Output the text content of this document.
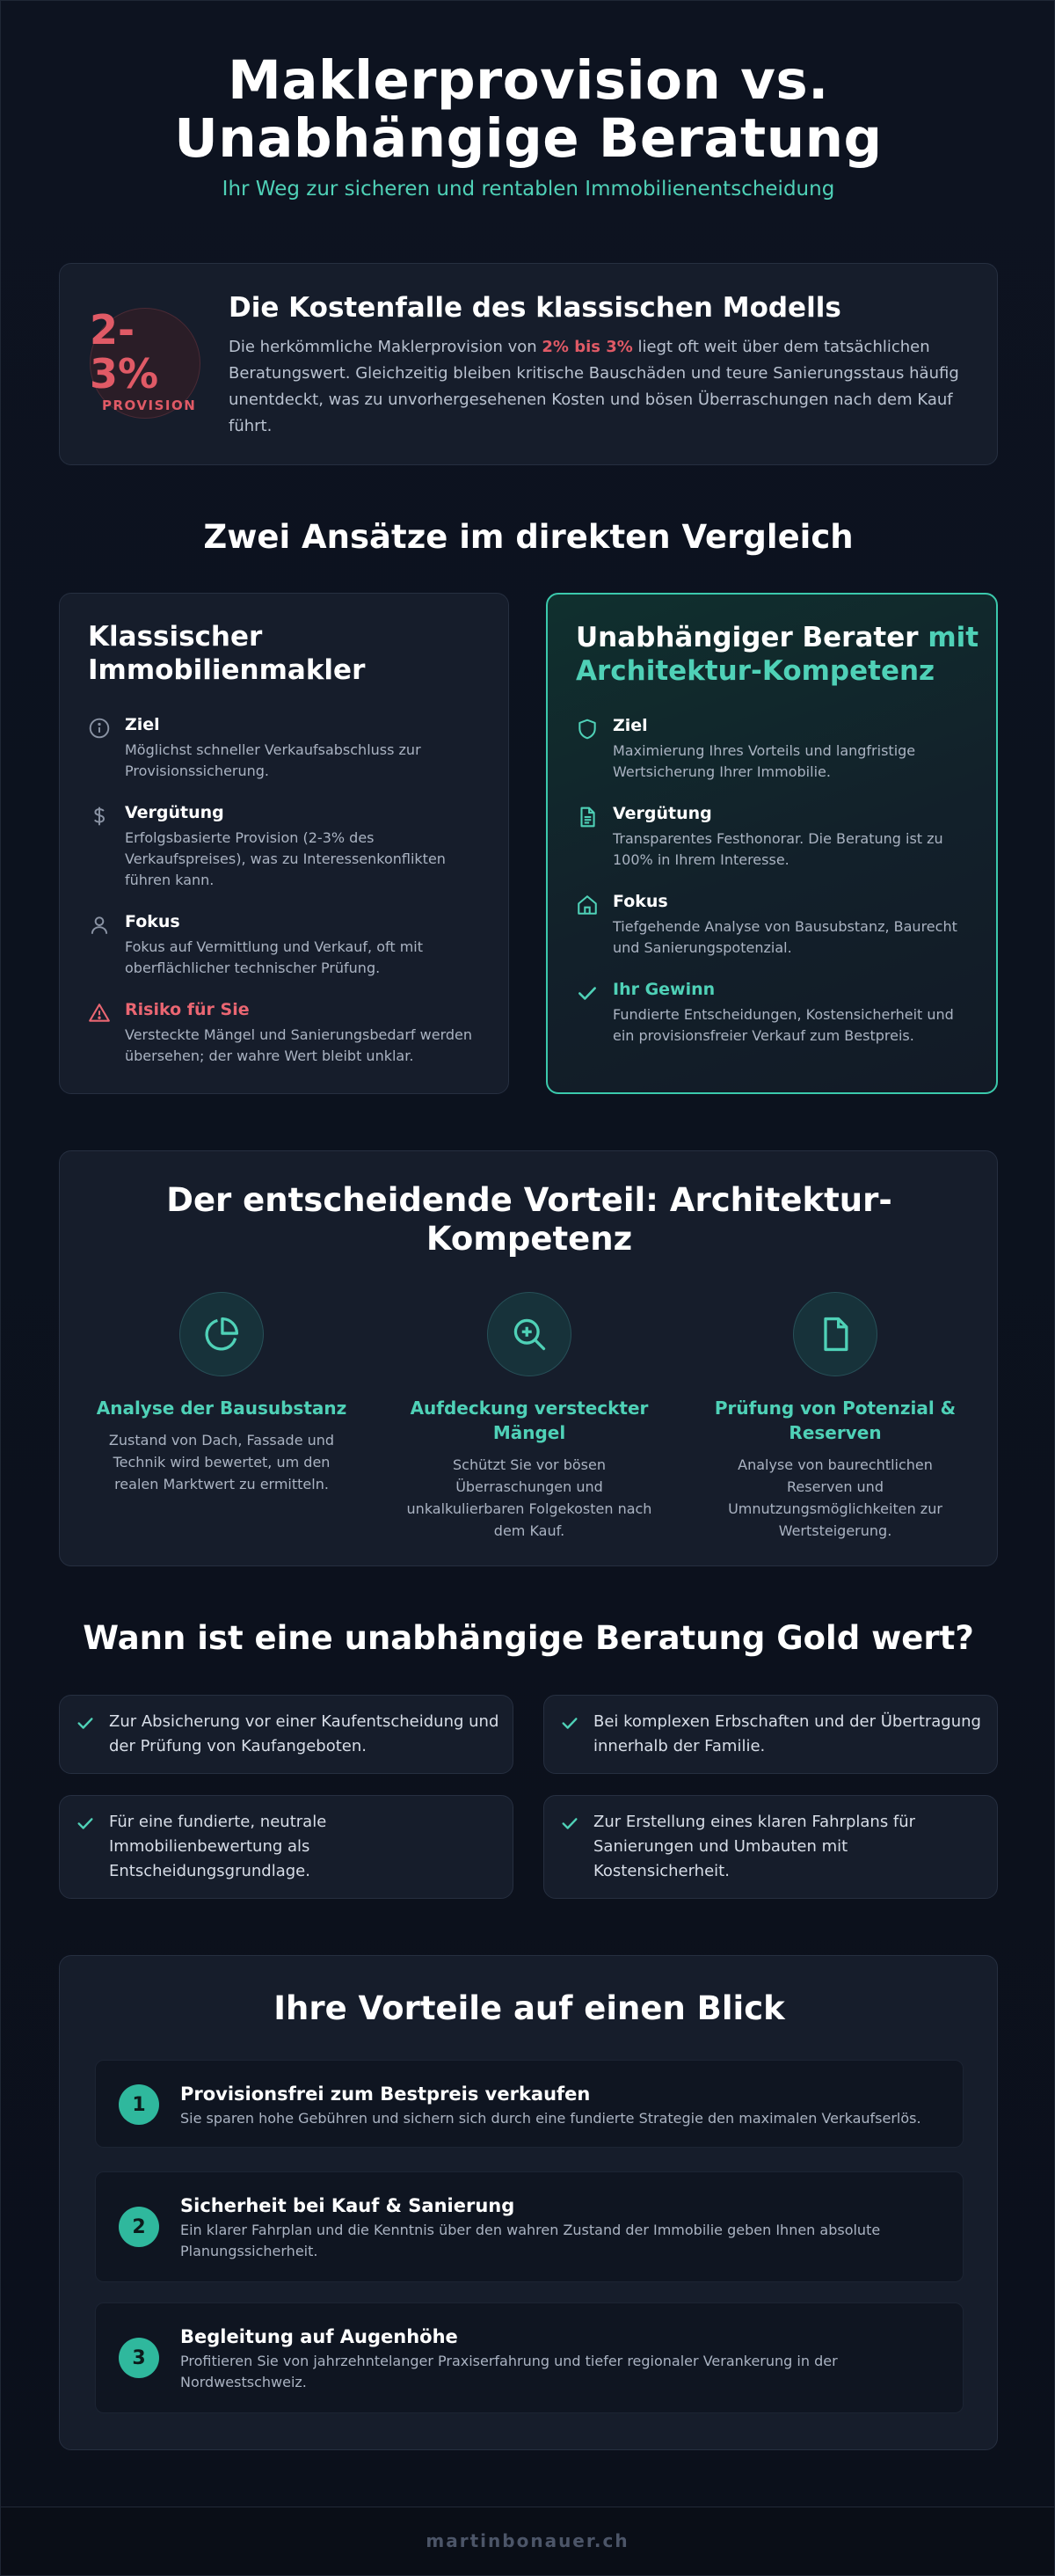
Maklerprovision vs.
Unabhängige Beratung
Ihr Weg zur sicheren und rentablen Immobilienentscheidung
2-
3%
PROVISION
Die Kostenfalle des klassischen Modells
Die herkömmliche Maklerprovision von 2% bis 3% liegt oft weit über dem tatsächlichen Beratungswert. Gleichzeitig bleiben kritische Bauschäden und teure Sanierungsstaus häufig unentdeckt, was zu unvorhergesehenen Kosten und bösen Überraschungen nach dem Kauf führt.
Zwei Ansätze im direkten Vergleich
Klassischer
Immobilienmakler
Ziel
Möglichst schneller Verkaufsabschluss zur Provisionssicherung.
Vergütung
Erfolgsbasierte Provision (2-3% des Verkaufspreises), was zu Interessenkonflikten führen kann.
Fokus
Fokus auf Vermittlung und Verkauf, oft mit oberflächlicher technischer Prüfung.
Risiko für Sie
Versteckte Mängel und Sanierungsbedarf werden übersehen; der wahre Wert bleibt unklar.
Unabhängiger Berater mit
Architektur-Kompetenz
Ziel
Maximierung Ihres Vorteils und langfristige Wertsicherung Ihrer Immobilie.
Vergütung
Transparentes Festhonorar. Die Beratung ist zu 100% in Ihrem Interesse.
Fokus
Tiefgehende Analyse von Bausubstanz, Baurecht und Sanierungspotenzial.
Ihr Gewinn
Fundierte Entscheidungen, Kostensicherheit und ein provisionsfreier Verkauf zum Bestpreis.
Der entscheidende Vorteil: Architektur-
Kompetenz
Analyse der Bausubstanz
Zustand von Dach, Fassade und Technik wird bewertet, um den realen Marktwert zu ermitteln.
Aufdeckung versteckter Mängel
Schützt Sie vor bösen Überraschungen und unkalkulierbaren Folgekosten nach dem Kauf.
Prüfung von Potenzial & Reserven
Analyse von baurechtlichen Reserven und Umnutzungsmöglichkeiten zur Wertsteigerung.
Wann ist eine unabhängige Beratung Gold wert?
Zur Absicherung vor einer Kaufentscheidung und der Prüfung von Kaufangeboten.
Bei komplexen Erbschaften und der Übertragung innerhalb der Familie.
Für eine fundierte, neutrale Immobilienbewertung als Entscheidungsgrundlage.
Zur Erstellung eines klaren Fahrplans für Sanierungen und Umbauten mit Kostensicherheit.
Ihre Vorteile auf einen Blick
1	Provisionsfrei zum Bestpreis verkaufen
Sie sparen hohe Gebühren und sichern sich durch eine fundierte Strategie den maximalen Verkaufserlös.
2
Sicherheit bei Kauf & Sanierung
Ein klarer Fahrplan und die Kenntnis über den wahren Zustand der Immobilie geben Ihnen absolute Planungssicherheit.
3
Begleitung auf Augenhöhe
Profitieren Sie von jahrzehntelanger Praxiserfahrung und tiefer regionaler Verankerung in der Nordwestschweiz.
martinbonauer.ch
